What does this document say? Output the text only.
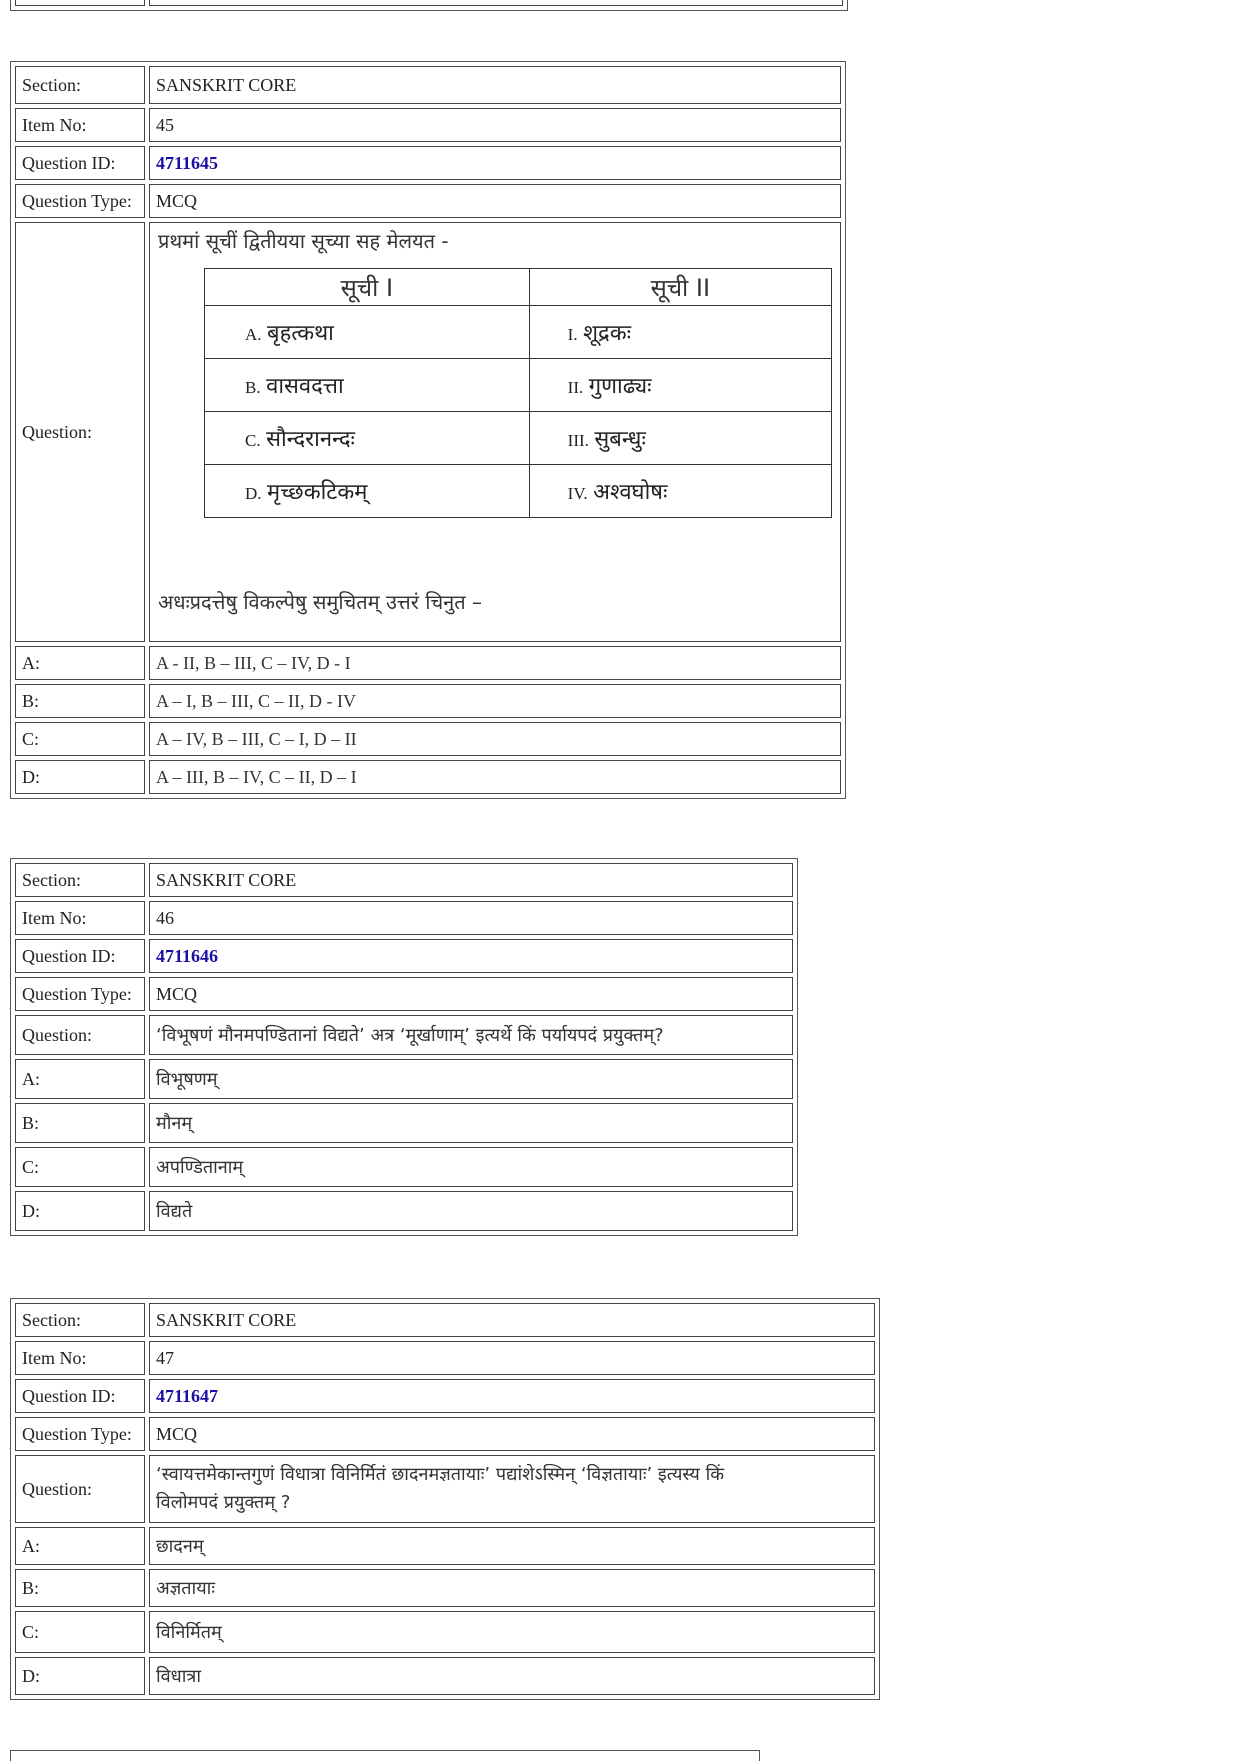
Section:	SANSKRIT CORE
Item No:	45
Question ID:	4711645
Question Type:	MCQ
Question:	
प्रथमां सूचीं द्वितीयया सूच्या सह मेलयत -
सूची I	सूची II
A. बृहत्कथा	I. शूद्रकः
B. वासवदत्ता	II. गुणाढ्यः
C. सौन्दरानन्दः	III. सुबन्धुः
D. मृच्छकटिकम्	IV. अश्वघोषः
अधःप्रदत्तेषु विकल्पेषु समुचितम् उत्तरं चिनुत –

A:	A - II, B – III, C – IV, D - I
B:	A – I, B – III, C – II, D - IV
C:	A – IV, B – III, C – I, D – II
D:	A – III, B – IV, C – II, D – I
Section:	SANSKRIT CORE
Item No:	46
Question ID:	4711646
Question Type:	MCQ
Question:	‘विभूषणं मौनमपण्डितानां विद्यते’ अत्र ‘मूर्खाणाम्’ इत्यर्थे किं पर्यायपदं प्रयुक्तम्?
A:	विभूषणम्
B:	मौनम्
C:	अपण्डितानाम्
D:	विद्यते
Section:	SANSKRIT CORE
Item No:	47
Question ID:	4711647
Question Type:	MCQ
Question:	‘स्वायत्तमेकान्तगुणं विधात्रा विनिर्मितं छादनमज्ञतायाः’ पद्यांशेऽस्मिन् ‘विज्ञतायाः’ इत्यस्य किं
विलोमपदं प्रयुक्तम् ?

A:	छादनम्
B:	अज्ञतायाः
C:	विनिर्मितम्
D:	विधात्रा
